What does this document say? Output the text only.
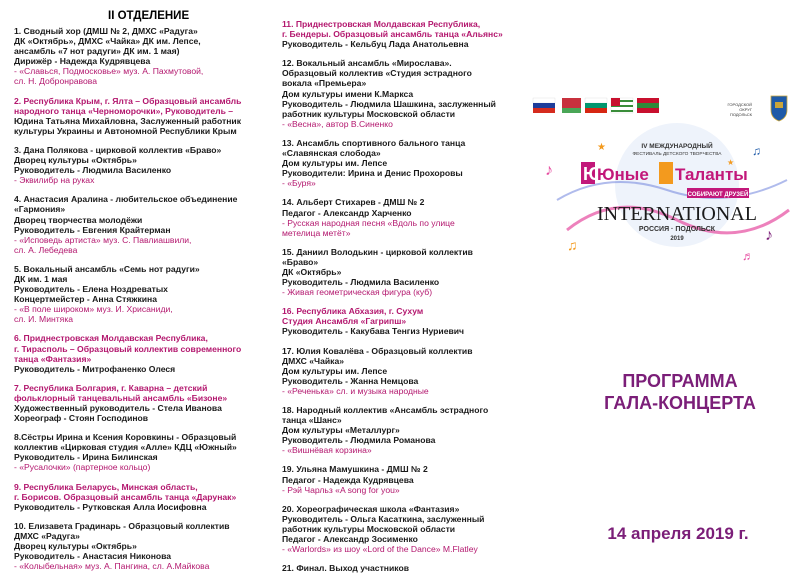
II ОТДЕЛЕНИЕ

1. Сводный хор (ДМШ № 2, ДМХС «Радуга»

ДК «Октябрь», ДМХС «Чайка» ДК им. Лепсе,

ансамбль «7 нот радуги» ДК им. 1 мая)

Дирижёр - Надежда Кудрявцева

- «Славься, Подмосковье» муз. А. Пахмутовой,

сл. Н. Добронравова

2. Республика Крым, г. Ялта – Образцовый ансамбль

народного танца «Черноморочки», Руководитель –

Юдина Татьяна Михайловна, Заслуженный работник

культуры Украины и Автономной Республики Крым

3. Дана Полякова - цирковой коллектив «Браво»

Дворец культуры «Октябрь»

Руководитель - Людмила Василенко

- Эквилибр на руках

4. Анастасия Аралина - любительское объединение

«Гармония»

Дворец творчества молодёжи

Руководитель - Евгения Крайтерман

- «Исповедь артиста» муз. С. Павлиашвили,

сл. А. Лебедева

5. Вокальный ансамбль «Семь нот радуги»

ДК им. 1 мая

Руководитель - Елена Ноздреватых

Концертмейстер - Анна Стяжкина

- «В поле широком» муз. И. Хрисаниди,

сл. И. Минтяка

6. Приднестровская Молдавская Республика,

г. Тирасполь – Образцовый коллектив современного

танца «Фантазия»

Руководитель - Митрофаненко Олеся

7. Республика Болгария, г. Каварна – детский

фольклорный танцевальный ансамбль «Бизоне»

Художественный руководитель - Стела Иванова

Хореограф - Стоян Господинов

8.Сёстры Ирина и Ксения Коровкины - Образцовый

коллектив «Цирковая студия «Алле» КДЦ «Южный»

Руководитель - Ирина Билинская

- «Русалочки» (партерное кольцо)

9. Республика Беларусь, Минская область,

г. Борисов. Образцовый ансамбль танца «Дарунак»

Руководитель - Рутковская Алла Иосифовна

10. Елизавета Градинарь - Образцовый коллектив

ДМХС «Радуга»

Дворец культуры «Октябрь»

Руководитель - Анастасия Никонова

- «Колыбельная» муз. А. Пангина, сл. А.Майкова

11. Приднестровская Молдавская Республика,

г. Бендеры. Образцовый ансамбль танца «Альянс»

Руководитель - Кельбуц Лада Анатольевна

12. Вокальный ансамбль «Мирослава».

Образцовый коллектив «Студия эстрадного

вокала «Премьера»

Дом культуры имени К.Маркса

Руководитель - Людмила Шашкина, заслуженный

работник культуры Московской области

- «Весна», автор В.Синенко

13. Ансамбль спортивного бального танца

«Славянская слобода»

Дом культуры им. Лепсе

Руководители: Ирина и Денис Прохоровы

- «Буря»

14. Альберт Стихарев - ДМШ № 2

Педагог - Александр Харченко

- Русская народная песня «Вдоль по улице

метелица метёт»

15. Даниил Володькин - цирковой коллектив

«Браво»

ДК «Октябрь»

Руководитель - Людмила Василенко

- Живая геометрическая фигура (куб)

16. Республика Абхазия, г. Сухум

Студия Ансамбля «Гагрипш»

Руководитель - Какубава Тенгиз Нуриевич

17. Юлия Ковалёва - Образцовый коллектив

ДМХС «Чайка»

Дом культуры им. Лепсе

Руководитель - Жанна Немцова

- «Реченька» сл. и музыка народные

18. Народный коллектив «Ансамбль эстрадного

танца «Шанс»

Дом культуры «Металлург»

Руководитель - Людмила Романова

- «Вишнёвая корзина»

19. Ульяна Мамушкина - ДМШ № 2

Педагог - Надежда Кудрявцева

- Рэй Чарльз «A song for you»

20. Хореографическая школа «Фантазия»

Руководитель - Ольга Касаткина, заслуженный

работник культуры Московской области

Педагог - Александр Зосименко

- «Warlords» из шоу «Lord of the Dance» M.Flatley

21. Финал. Выход участников

ГОРОДСКОЙ
ОКРУГ
ПОДОЛЬСК
♪
♫
♪
♫
♬
★
★
IV МЕЖДУНАРОДНЫЙ
ФЕСТИВАЛЬ ДЕТСКОГО ТВОРЧЕСТВА
Ю
Юные Таланты
СОБИРАЮТ ДРУЗЕЙ
INTERNATIONAL
РОССИЯ · ПОДОЛЬСК
2019
ПРОГРАММА
ГАЛА-КОНЦЕРТА
14 апреля 2019 г.
